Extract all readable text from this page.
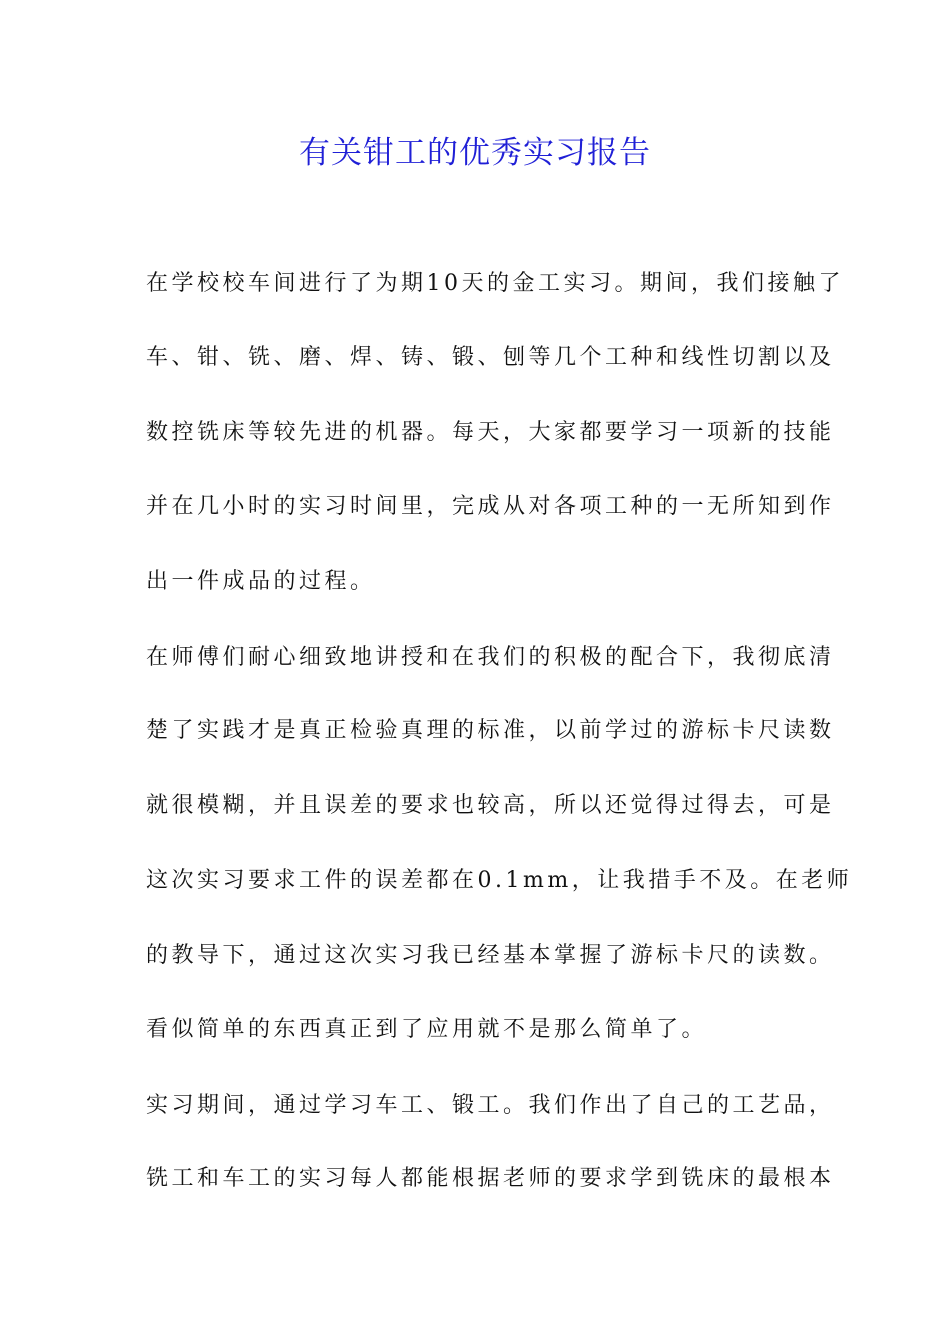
有关钳工的优秀实习报告
在学校校车间进行了为期10天的金工实习。期间，我们接触了
车、钳、铣、磨、焊、铸、锻、刨等几个工种和线性切割以及
数控铣床等较先进的机器。每天，大家都要学习一项新的技能
并在几小时的实习时间里，完成从对各项工种的一无所知到作
出一件成品的过程。
在师傅们耐心细致地讲授和在我们的积极的配合下，我彻底清
楚了实践才是真正检验真理的标准，以前学过的游标卡尺读数
就很模糊，并且误差的要求也较高，所以还觉得过得去，可是
这次实习要求工件的误差都在0.1mm，让我措手不及。在老师
的教导下，通过这次实习我已经基本掌握了游标卡尺的读数。
看似简单的东西真正到了应用就不是那么简单了。
实习期间，通过学习车工、锻工。我们作出了自己的工艺品，
铣工和车工的实习每人都能根据老师的要求学到铣床的最根本
